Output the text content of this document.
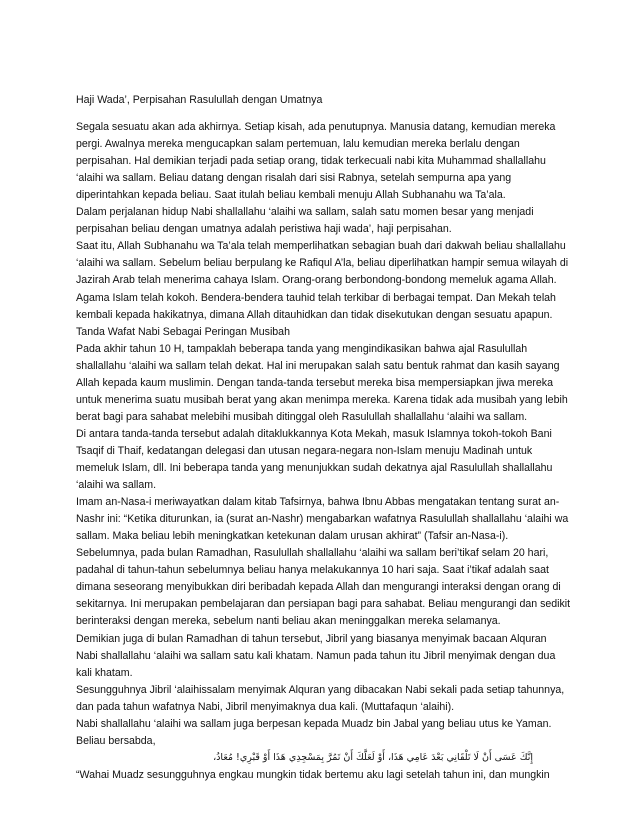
Haji Wada’, Perpisahan Rasulullah dengan Umatnya
Segala sesuatu akan ada akhirnya. Setiap kisah, ada penutupnya. Manusia datang, kemudian mereka
pergi. Awalnya mereka mengucapkan salam pertemuan, lalu kemudian mereka berlalu dengan
perpisahan. Hal demikian terjadi pada setiap orang, tidak terkecuali nabi kita Muhammad shallallahu
‘alaihi wa sallam. Beliau datang dengan risalah dari sisi Rabnya, setelah sempurna apa yang
diperintahkan kepada beliau. Saat itulah beliau kembali menuju Allah Subhanahu wa Ta’ala.
Dalam perjalanan hidup Nabi shallallahu ‘alaihi wa sallam, salah satu momen besar yang menjadi
perpisahan beliau dengan umatnya adalah peristiwa haji wada’, haji perpisahan.
Saat itu, Allah Subhanahu wa Ta’ala telah memperlihatkan sebagian buah dari dakwah beliau shallallahu
‘alaihi wa sallam. Sebelum beliau berpulang ke Rafiqul A’la, beliau diperlihatkan hampir semua wilayah di
Jazirah Arab telah menerima cahaya Islam. Orang-orang berbondong-bondong memeluk agama Allah.
Agama Islam telah kokoh. Bendera-bendera tauhid telah terkibar di berbagai tempat. Dan Mekah telah
kembali kepada hakikatnya, dimana Allah ditauhidkan dan tidak disekutukan dengan sesuatu apapun.
Tanda Wafat Nabi Sebagai Peringan Musibah
Pada akhir tahun 10 H, tampaklah beberapa tanda yang mengindikasikan bahwa ajal Rasulullah
shallallahu ‘alaihi wa sallam telah dekat. Hal ini merupakan salah satu bentuk rahmat dan kasih sayang
Allah kepada kaum muslimin. Dengan tanda-tanda tersebut mereka bisa mempersiapkan jiwa mereka
untuk menerima suatu musibah berat yang akan menimpa mereka. Karena tidak ada musibah yang lebih
berat bagi para sahabat melebihi musibah ditinggal oleh Rasulullah shallallahu ‘alaihi wa sallam.
Di antara tanda-tanda tersebut adalah ditaklukkannya Kota Mekah, masuk Islamnya tokoh-tokoh Bani
Tsaqif di Thaif, kedatangan delegasi dan utusan negara-negara non-Islam menuju Madinah untuk
memeluk Islam, dll. Ini beberapa tanda yang menunjukkan sudah dekatnya ajal Rasulullah shallallahu
‘alaihi wa sallam.
Imam an-Nasa-i meriwayatkan dalam kitab Tafsirnya, bahwa Ibnu Abbas mengatakan tentang surat an-
Nashr ini: “Ketika diturunkan, ia (surat an-Nashr) mengabarkan wafatnya Rasulullah shallallahu ‘alaihi wa
sallam. Maka beliau lebih meningkatkan ketekunan dalam urusan akhirat” (Tafsir an-Nasa-i).
Sebelumnya, pada bulan Ramadhan, Rasulullah shallallahu ‘alaihi wa sallam beri’tikaf selam 20 hari,
padahal di tahun-tahun sebelumnya beliau hanya melakukannya 10 hari saja. Saat i’tikaf adalah saat
dimana seseorang menyibukkan diri beribadah kepada Allah dan mengurangi interaksi dengan orang di
sekitarnya. Ini merupakan pembelajaran dan persiapan bagi para sahabat. Beliau mengurangi dan sedikit
berinteraksi dengan mereka, sebelum nanti beliau akan meninggalkan mereka selamanya.
Demikian juga di bulan Ramadhan di tahun tersebut, Jibril yang biasanya menyimak bacaan Alquran
Nabi shallallahu ‘alaihi wa sallam satu kali khatam. Namun pada tahun itu Jibril menyimak dengan dua
kali khatam.
Sesungguhnya Jibril ‘alaihissalam menyimak Alquran yang dibacakan Nabi sekali pada setiap tahunnya,
dan pada tahun wafatnya Nabi, Jibril menyimaknya dua kali. (Muttafaqun ‘alaihi).
Nabi shallallahu ‘alaihi wa sallam juga berpesan kepada Muadz bin Jabal yang beliau utus ke Yaman.
Beliau bersabda,
إِنَّكَ عَسَى أَنْ لَا تَلْقَانِي بَعْدَ عَامِي هَذَا، أَوْ لَعَلَّكَ أَنْ تَمُرَّ بِمَسْجِدِي هَذَا أَوْ قَبْرِي! مُعَاذُ،
“Wahai Muadz sesungguhnya engkau mungkin tidak bertemu aku lagi setelah tahun ini, dan mungkin
